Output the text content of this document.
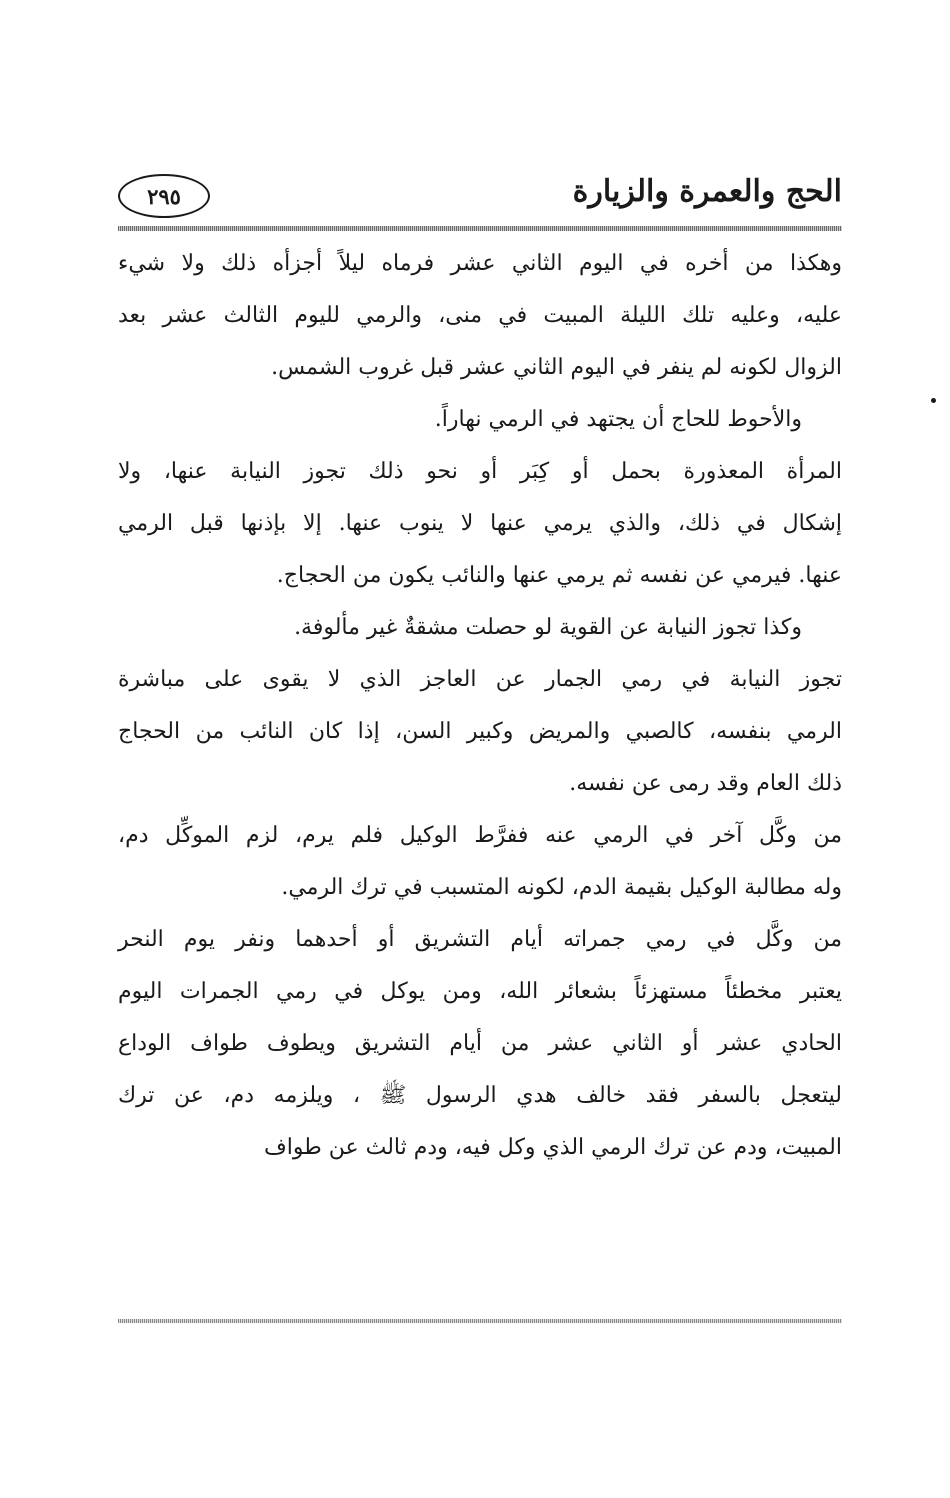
الحج والعمرة والزيارة
٢٩٥
وهكذا من أخره في اليوم الثاني عشر فرماه ليلاً أجزأه ذلك ولا شيء
عليه، وعليه تلك الليلة المبيت في منى، والرمي لليوم الثالث عشر بعد
الزوال لكونه لم ينفر في اليوم الثاني عشر قبل غروب الشمس.
والأحوط للحاج أن يجتهد في الرمي نهاراً.
المرأة المعذورة بحمل أو كِبَر أو نحو ذلك تجوز النيابة عنها، ولا
إشكال في ذلك، والذي يرمي عنها لا ينوب عنها. إلا بإذنها قبل الرمي
عنها. فيرمي عن نفسه ثم يرمي عنها والنائب يكون من الحجاج.
وكذا تجوز النيابة عن القوية لو حصلت مشقةٌ غير مألوفة.
تجوز النيابة في رمي الجمار عن العاجز الذي لا يقوى على مباشرة
الرمي بنفسه، كالصبي والمريض وكبير السن، إذا كان النائب من الحجاج
ذلك العام وقد رمى عن نفسه.
من وكَّل آخر في الرمي عنه ففرَّط الوكيل فلم يرم، لزم الموكِّل دم،
وله مطالبة الوكيل بقيمة الدم، لكونه المتسبب في ترك الرمي.
من وكَّل في رمي جمراته أيام التشريق أو أحدهما ونفر يوم النحر
يعتبر مخطئاً مستهزئاً بشعائر الله، ومن يوكل في رمي الجمرات اليوم
الحادي عشر أو الثاني عشر من أيام التشريق ويطوف طواف الوداع
ليتعجل بالسفر فقد خالف هدي الرسول ﷺ ، ويلزمه دم، عن ترك
المبيت، ودم عن ترك الرمي الذي وكل فيه، ودم ثالث عن طواف
